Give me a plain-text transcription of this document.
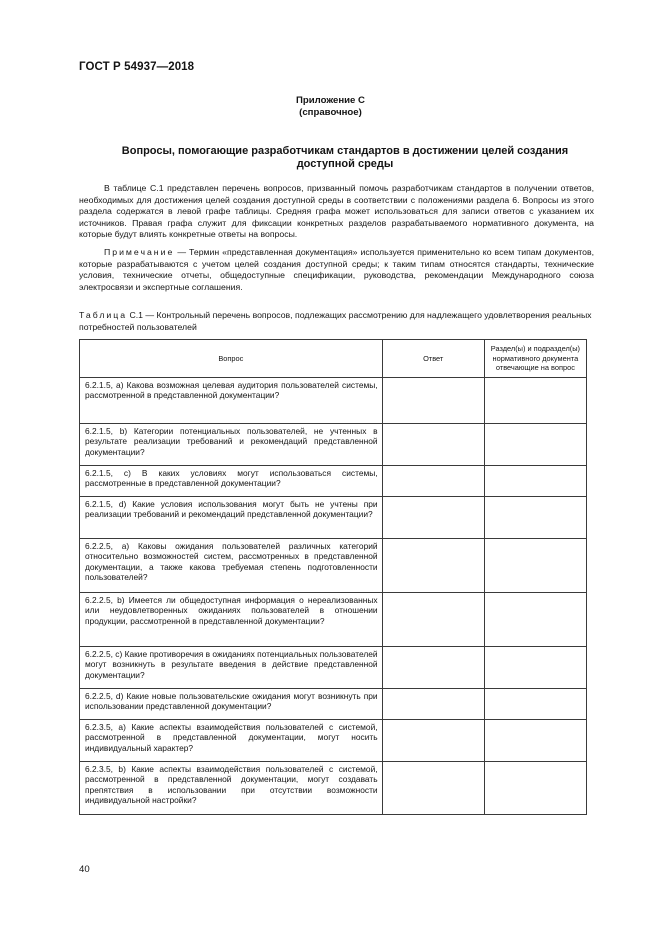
ГОСТ Р 54937—2018
Приложение С
(справочное)
Вопросы, помогающие разработчикам стандартов в достижении целей создания доступной среды
В таблице С.1 представлен перечень вопросов, призванный помочь разработчикам стандартов в получении ответов, необходимых для достижения целей создания доступной среды в соответствии с положениями раздела 6. Вопросы из этого раздела содержатся в левой графе таблицы. Средняя графа может использоваться для записи ответов с указанием их источников. Правая графа служит для фиксации конкретных разделов разрабатываемого нормативного документа, на которые будут влиять конкретные ответы на вопросы.
Примечание — Термин «представленная документация» используется применительно ко всем типам документов, которые разрабатываются с учетом целей создания доступной среды; к таким типам относятся стандарты, технические условия, технические отчеты, общедоступные спецификации, руководства, рекомендации Международного союза электросвязи и экспертные соглашения.
Таблица С.1 — Контрольный перечень вопросов, подлежащих рассмотрению для надлежащего удовлетворения реальных потребностей пользователей
Вопрос	Ответ	Раздел(ы) и подраздел(ы) нормативного документа отвечающие на вопрос
6.2.1.5, а) Какова возможная целевая аудитория пользователей системы, рассмотренной в представленной документации?		
6.2.1.5, b) Категории потенциальных пользователей, не учтенных в результате реализации требований и рекомендаций представленной документации?		
6.2.1.5, с) В каких условиях могут использоваться системы, рассмотренные в представленной документации?		
6.2.1.5, d) Какие условия использования могут быть не учтены при реализации требований и рекомендаций представленной документации?		
6.2.2.5, а) Каковы ожидания пользователей различных категорий относительно возможностей систем, рассмотренных в представленной документации, а также какова требуемая степень подготовленности пользователей?		
6.2.2.5, b) Имеется ли общедоступная информация о нереализованных или неудовлетворенных ожиданиях пользователей в отношении продукции, рассмотренной в представленной документации?		
6.2.2.5, с) Какие противоречия в ожиданиях потенциальных пользователей могут возникнуть в результате введения в действие представленной документации?		
6.2.2.5, d) Какие новые пользовательские ожидания могут возникнуть при использовании представленной документации?		
6.2.3.5, а) Какие аспекты взаимодействия пользователей с системой, рассмотренной в представленной документации, могут носить индивидуальный характер?		
6.2.3.5, b) Какие аспекты взаимодействия пользователей с системой, рассмотренной в представленной документации, могут создавать препятствия в использовании при отсутствии возможности индивидуальной настройки?		
40
